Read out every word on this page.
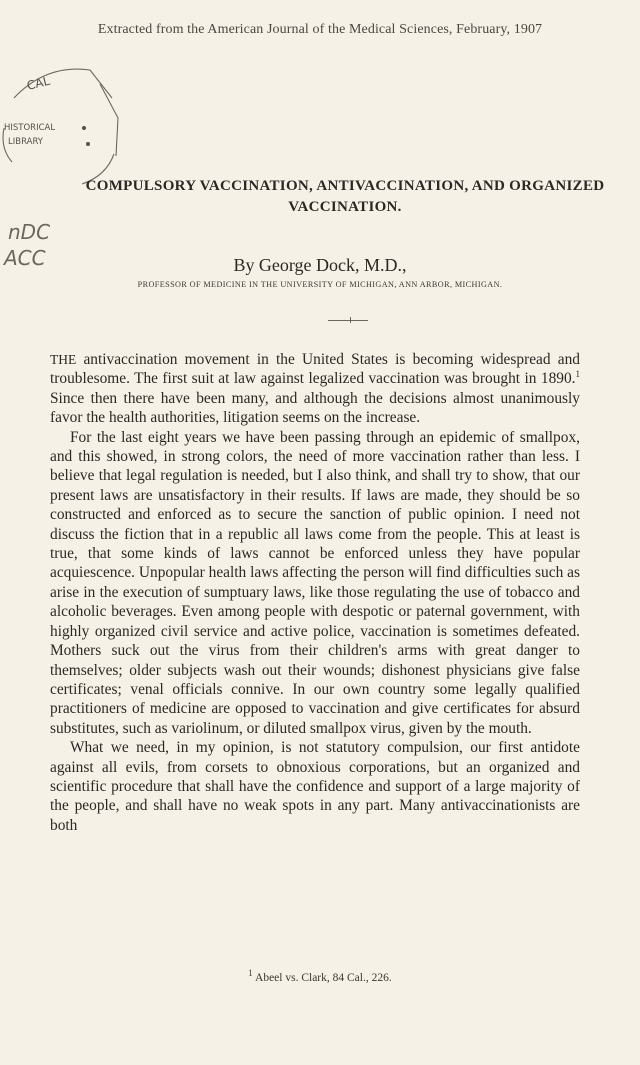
Extracted from the American Journal of the Medical Sciences, February, 1907
CAL
HISTORICAL
LIBRARY
nDC
ACC
COMPULSORY VACCINATION, ANTIVACCINATION, AND ORGANIZED VACCINATION.
By George Dock, M.D.,
PROFESSOR OF MEDICINE IN THE UNIVERSITY OF MICHIGAN, ANN ARBOR, MICHIGAN.

THE antivaccination movement in the United States is becoming widespread and troublesome. The first suit at law against legalized vaccination was brought in 1890.$^1$ Since then there have been many, and although the decisions almost unanimously favor the health authorities, litigation seems on the increase.

For the last eight years we have been passing through an epidemic of smallpox, and this showed, in strong colors, the need of more vaccination rather than less. I believe that legal regulation is needed, but I also think, and shall try to show, that our present laws are unsatisfactory in their results. If laws are made, they should be so constructed and enforced as to secure the sanction of public opinion. I need not discuss the fiction that in a republic all laws come from the people. This at least is true, that some kinds of laws cannot be enforced unless they have popular acquiescence. Unpopular health laws affecting the person will find difficulties such as arise in the execution of sumptuary laws, like those regulating the use of tobacco and alcoholic beverages. Even among people with despotic or paternal government, with highly organized civil service and active police, vaccination is sometimes defeated. Mothers suck out the virus from their children's arms with great danger to themselves; older subjects wash out their wounds; dishonest physicians give false certificates; venal officials connive. In our own country some legally qualified practitioners of medicine are opposed to vaccination and give certificates for absurd substitutes, such as variolinum, or diluted smallpox virus, given by the mouth.

What we need, in my opinion, is not statutory compulsion, our first antidote against all evils, from corsets to obnoxious corporations, but an organized and scientific procedure that shall have the confidence and support of a large majority of the people, and shall have no weak spots in any part. Many antivaccinationists are both

$^1$ Abeel vs. Clark, 84 Cal., 226.
